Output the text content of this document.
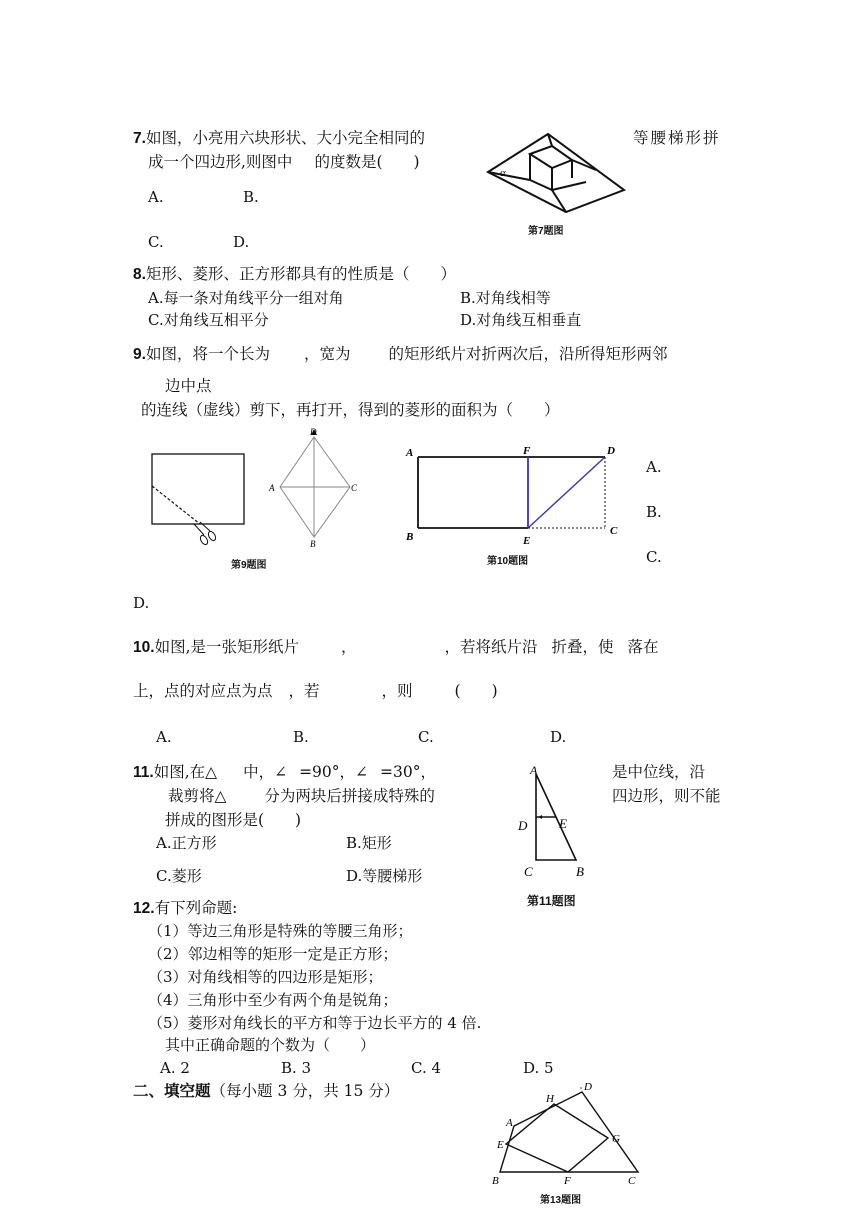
7.如图，小亮用六块形状、大小完全相同的	等腰梯形拼
成一个四边形,则图中 的度数是(　　)
A.	B.
C.	D.
α
第7题图
8.矩形、菱形、正方形都具有的性质是（　　）
A.每一条对角线平分一组对角	B.对角线相等
C.对角线互相平分	D.对角线互相垂直
9.如图，将一个长为 ，宽为 的矩形纸片对折两次后，沿所得矩形两邻
边中点
的连线（虚线）剪下，再打开，得到的菱形的面积为（　　）
D
A	C
B
第9题图
A
B	C
D
E
F
第10题图
A.
B.
C.
D.
10.如图,是一张矩形纸片	，	，若将纸片沿 折叠，使 落在
上，点的对应点为点 ，若	，则	(　　)
A.	B.	C.	D.
11.如图,在△ 中，∠ =90°，∠ =30°，	是中位线，沿
裁剪将△ 分为两块后拼接成特殊的	四边形，则不能
拼成的图形是(　　)
A.正方形	B.矩形
C.菱形	D.等腰梯形
A
D E
C	B
第11题图
12.有下列命题:
（1）等边三角形是特殊的等腰三角形；
（2）邻边相等的矩形一定是正方形；
（3）对角线相等的四边形是矩形；
（4）三角形中至少有两个角是锐角；
（5）菱形对角线长的平方和等于边长平方的 4 倍.
其中正确命题的个数为（　　）
A. 2	B. 3	C. 4	D. 5
二、填空题（每小题 3 分，共 15 分）	D
H
A
E	G
B	F	C
第13题图
